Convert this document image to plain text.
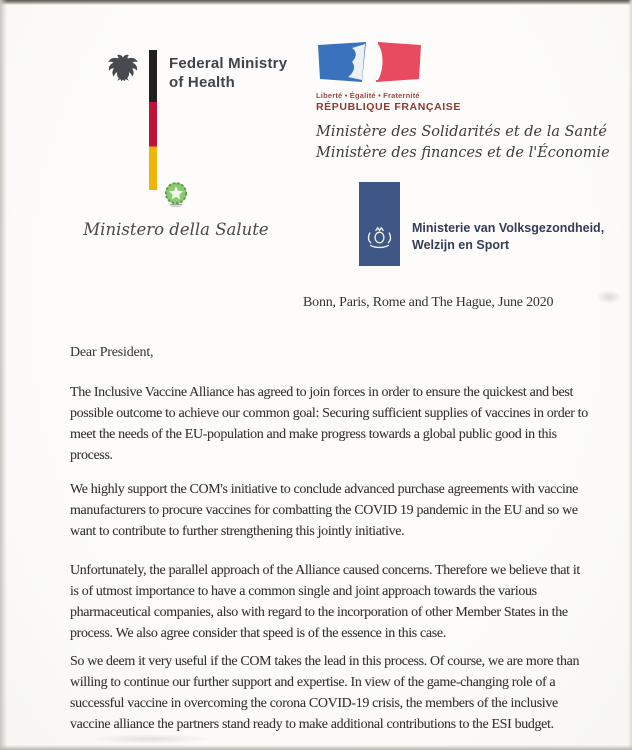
Federal Ministry
of Health
Liberté • Égalité • Fraternité
RÉPUBLIQUE FRANÇAISE
Ministère des Solidarités et de la Santé
Ministère des finances et de l'Économie
Ministero della Salute	Ministerie van Volksgezondheid,
Welzijn en Sport
Bonn, Paris, Rome and The Hague, June 2020
Dear President,

The Inclusive Vaccine Alliance has agreed to join forces in order to ensure the quickest and best possible outcome to achieve our common goal: Securing sufficient supplies of vaccines in order to meet the needs of the EU-population and make progress towards a global public good in this process.

We highly support the COM's initiative to conclude advanced purchase agreements with vaccine manufacturers to procure vaccines for combatting the COVID 19 pandemic in the EU and so we want to contribute to further strengthening this jointly initiative.

Unfortunately, the parallel approach of the Alliance caused concerns. Therefore we believe that it is of utmost importance to have a common single and joint approach towards the various pharmaceutical companies, also with regard to the incorporation of other Member States in the process. We also agree consider that speed is of the essence in this case.

So we deem it very useful if the COM takes the lead in this process. Of course, we are more than willing to continue our further support and expertise. In view of the game-changing role of a successful vaccine in overcoming the corona COVID-19 crisis, the members of the inclusive vaccine alliance the partners stand ready to make additional contributions to the ESI budget.
